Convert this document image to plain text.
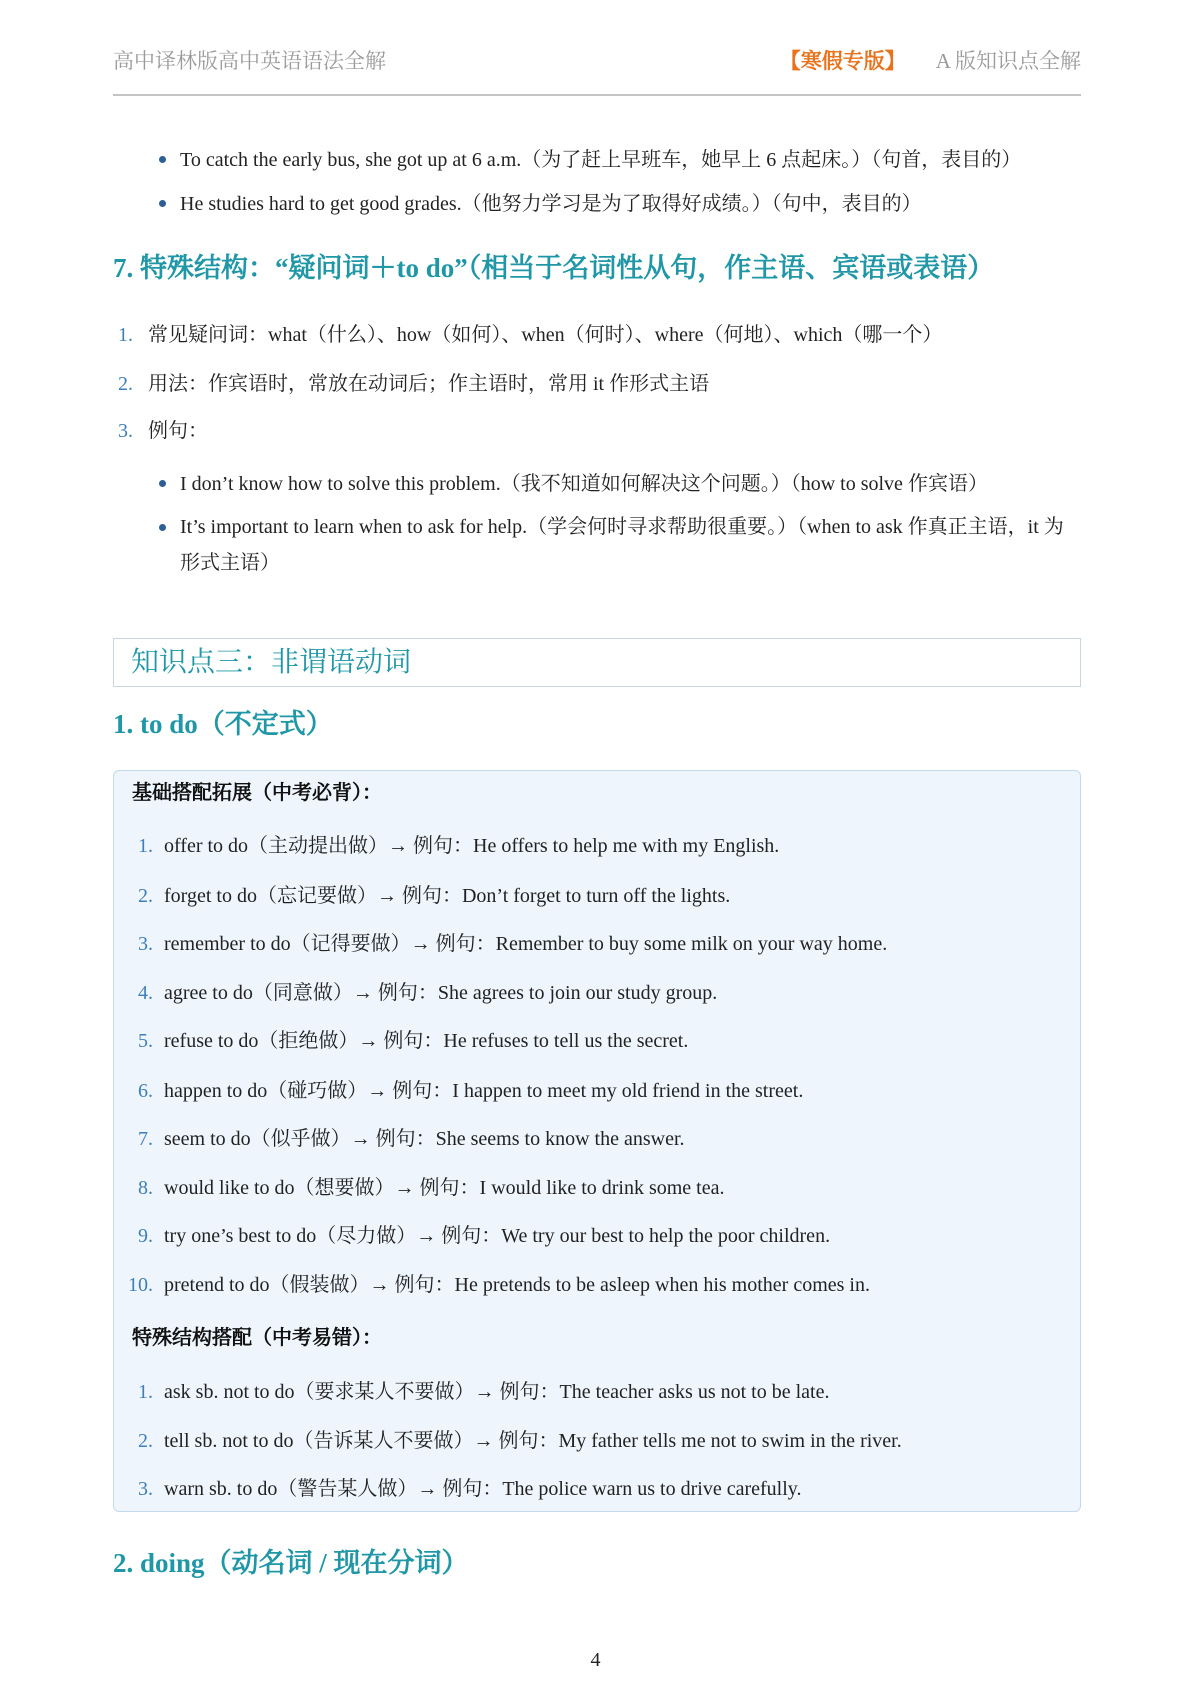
高中译林版高中英语语法全解	【寒假专版】 A 版知识点全解
To catch the early bus, she got up at 6 a.m.（为了赶上早班车，她早上 6 点起床。）（句首，表目的）
He studies hard to get good grades.（他努力学习是为了取得好成绩。）（句中，表目的）
7. 特殊结构：“疑问词＋to do”（相当于名词性从句，作主语、宾语或表语）
1. 常见疑问词：what（什么）、how（如何）、when（何时）、where（何地）、which（哪一个）
2. 用法：作宾语时，常放在动词后；作主语时，常用 it 作形式主语
3. 例句：
I don’t know how to solve this problem.（我不知道如何解决这个问题。）（how to solve 作宾语）
It’s important to learn when to ask for help.（学会何时寻求帮助很重要。）（when to ask 作真正主语，it 为形式主语）
知识点三：非谓语动词
1. to do（不定式）
基础搭配拓展（中考必背）：
1. offer to do（主动提出做）→ 例句：He offers to help me with my English.
2. forget to do（忘记要做）→ 例句：Don’t forget to turn off the lights.
3. remember to do（记得要做）→ 例句：Remember to buy some milk on your way home.
4. agree to do（同意做）→ 例句：She agrees to join our study group.
5. refuse to do（拒绝做）→ 例句：He refuses to tell us the secret.
6. happen to do（碰巧做）→ 例句：I happen to meet my old friend in the street.
7. seem to do（似乎做）→ 例句：She seems to know the answer.
8. would like to do（想要做）→ 例句：I would like to drink some tea.
9. try one’s best to do（尽力做）→ 例句：We try our best to help the poor children.
10. pretend to do（假装做）→ 例句：He pretends to be asleep when his mother comes in.
特殊结构搭配（中考易错）：
1. ask sb. not to do（要求某人不要做）→ 例句：The teacher asks us not to be late.
2. tell sb. not to do（告诉某人不要做）→ 例句：My father tells me not to swim in the river.
3. warn sb. to do（警告某人做）→ 例句：The police warn us to drive carefully.
2. doing（动名词 / 现在分词）
4
